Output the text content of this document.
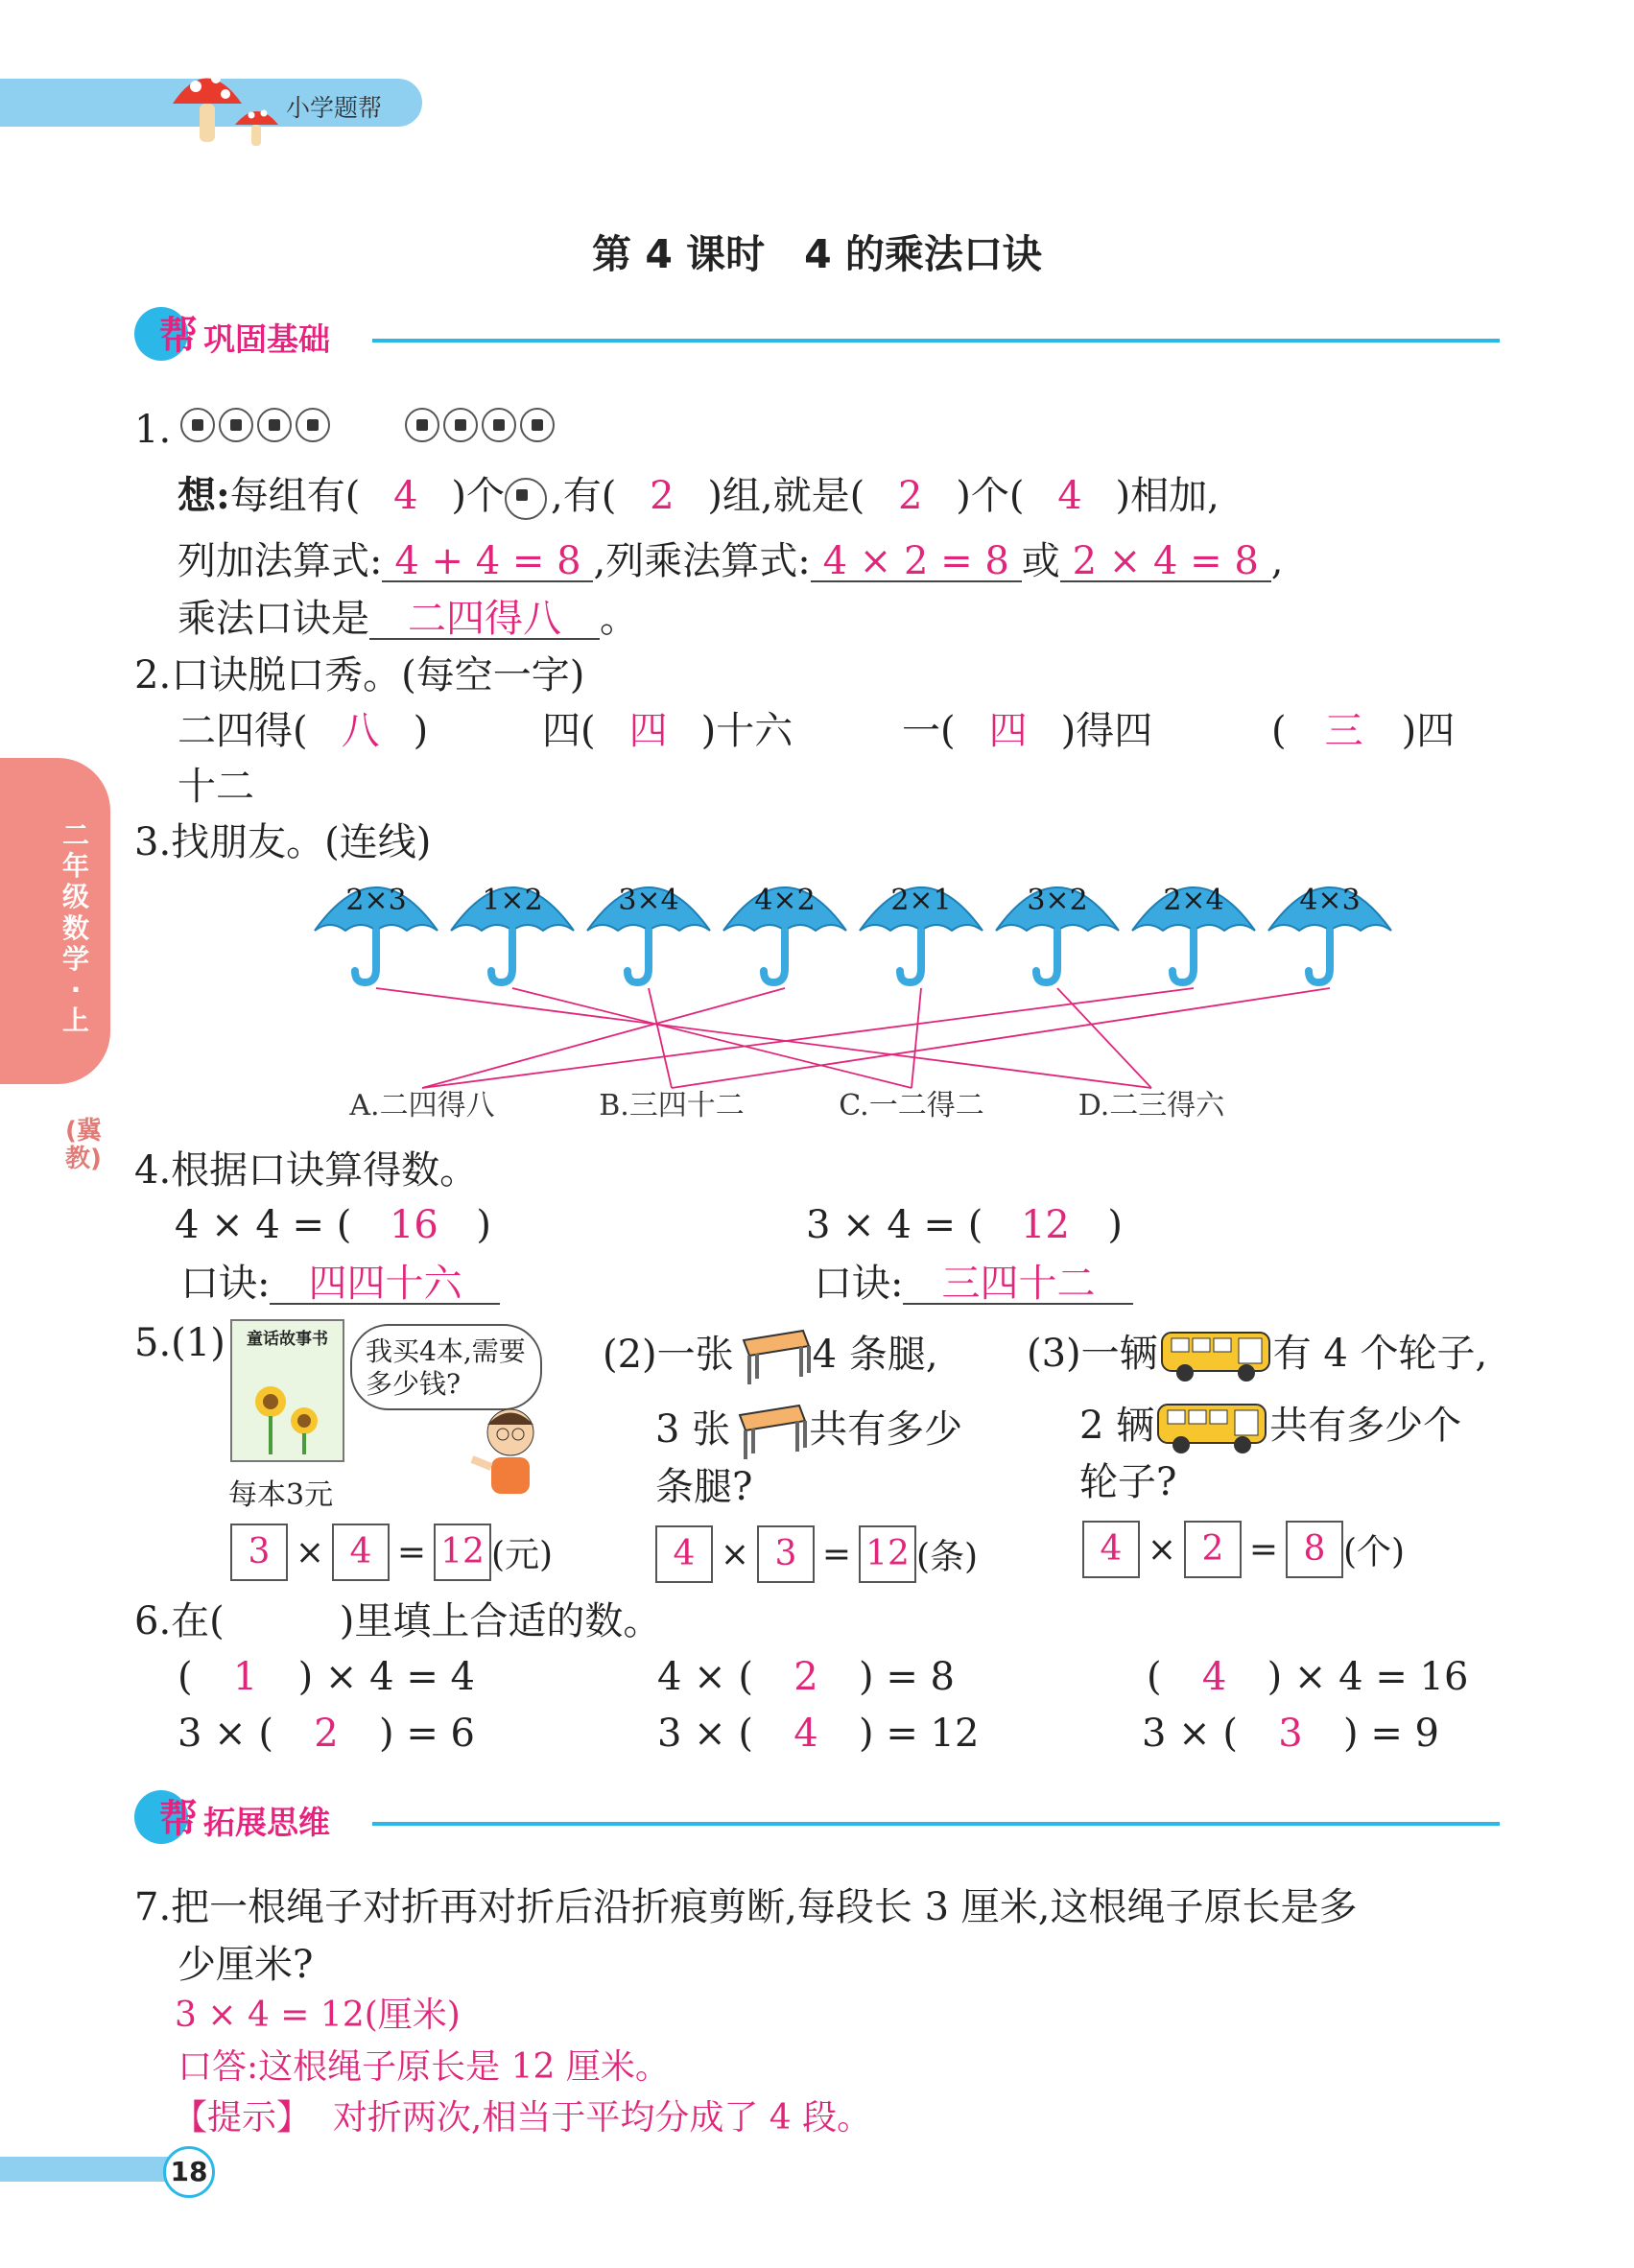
小学题帮
第 4 课时　4 的乘法口诀
帮 巩固基础
二年级数学·上
(冀教)
1.
想:每组有( 4 )个 ,有( 2 )组,就是( 2 )个( 4 )相加,
列加法算式: 4 + 4 = 8 ,列乘法算式: 4 × 2 = 8 或 2 × 4 = 8 ,
乘法口诀是 二四得八 。
2.口诀脱口秀。(每空一字)
二四得( 八 )	四( 四 )十六	一( 四 )得四	( 三 )四
十二
3.找朋友。(连线)
2×3	1×2	3×4	4×2	2×1	3×2	2×4	4×3
A.二四得八	B.三四十二	C.一二得二	D.二三得六
4.根据口诀算得数。
4 × 4 = ( 16 )	3 × 4 = ( 12 )
口诀: 四四十六	口诀: 三四十二
5.(1)	童话故事书
每本3元
我买4本,需要多少钱?
3 × 4 = 12 (元)
(2)一张 4 条腿,
3 张 共有多少
条腿?
4 × 3 = 12 (条)
(3)一辆	有 4 个轮子,
2 辆	共有多少个
轮子?
4 × 2 = 8 (个)
6.在(　　　)里填上合适的数。
( 1 ) × 4 = 4	4 × ( 2 ) = 8	( 4 ) × 4 = 16
3 × ( 2 ) = 6	3 × ( 4 ) = 12	3 × ( 3 ) = 9
帮 拓展思维
7.把一根绳子对折再对折后沿折痕剪断,每段长 3 厘米,这根绳子原长是多
少厘米?
3 × 4 = 12(厘米)
口答:这根绳子原长是 12 厘米。
【提示】 对折两次,相当于平均分成了 4 段。
18
